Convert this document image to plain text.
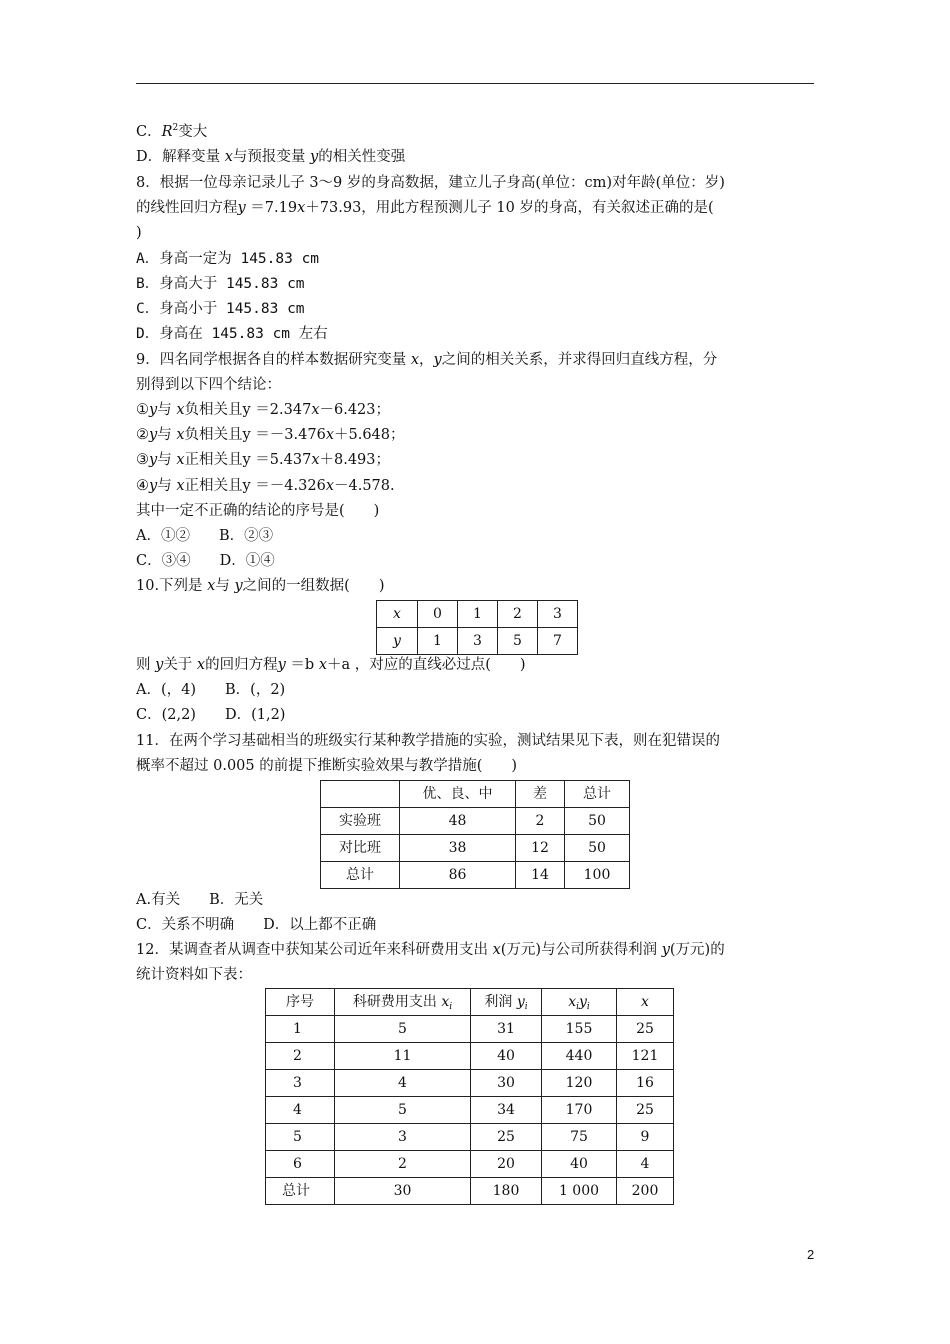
C．$R^2$变大
D．解释变量 x与预报变量 y的相关性变强
8．根据一位母亲记录儿子 3～9 岁的身高数据，建立儿子身高(单位：cm)对年龄(单位：岁)
的线性回归方程y ＝7.19x＋73.93，用此方程预测儿子 10 岁的身高，有关叙述正确的是(
)
A．身高一定为 145.83 cm
B．身高大于 145.83 cm
C．身高小于 145.83 cm
D．身高在 145.83 cm 左右
9．四名同学根据各自的样本数据研究变量 x，y之间的相关关系，并求得回归直线方程，分
别得到以下四个结论：
①y与 x负相关且y ＝2.347x－6.423；
②y与 x负相关且y ＝－3.476x＋5.648；
③y与 x正相关且y ＝5.437x＋8.493；
④y与 x正相关且y ＝－4.326x－4.578.
其中一定不正确的结论的序号是(　　)
A．①②　　B．②③
C．③④　　D．①④
10.下列是 x与 y之间的一组数据(　　)
x	0	1	2	3
y	1	3	5	7
则 y关于 x的回归方程y ＝b x＋a ，对应的直线必过点(　　)
A．(，4)　　B．(，2)
C．(2,2)　　D．(1,2)
11．在两个学习基础相当的班级实行某种教学措施的实验，测试结果见下表，则在犯错误的
概率不超过 0.005 的前提下推断实验效果与教学措施(　　)
	优、良、中	差	总计
实验班	48	2	50
对比班	38	12	50
总计	86	14	100
A.有关　　B．无关
C．关系不明确　　D．以上都不正确
12．某调查者从调查中获知某公司近年来科研费用支出 x(万元)与公司所获得利润 y(万元)的
统计资料如下表：
序号	科研费用支出 $x_i$	利润 $y_i$	$x_iy_i$	x
1	5	31	155	25
2	11	40	440	121
3	4	30	120	16
4	5	34	170	25
5	3	25	75	9
6	2	20	40	4
总计	30	180	1 000	200
2
